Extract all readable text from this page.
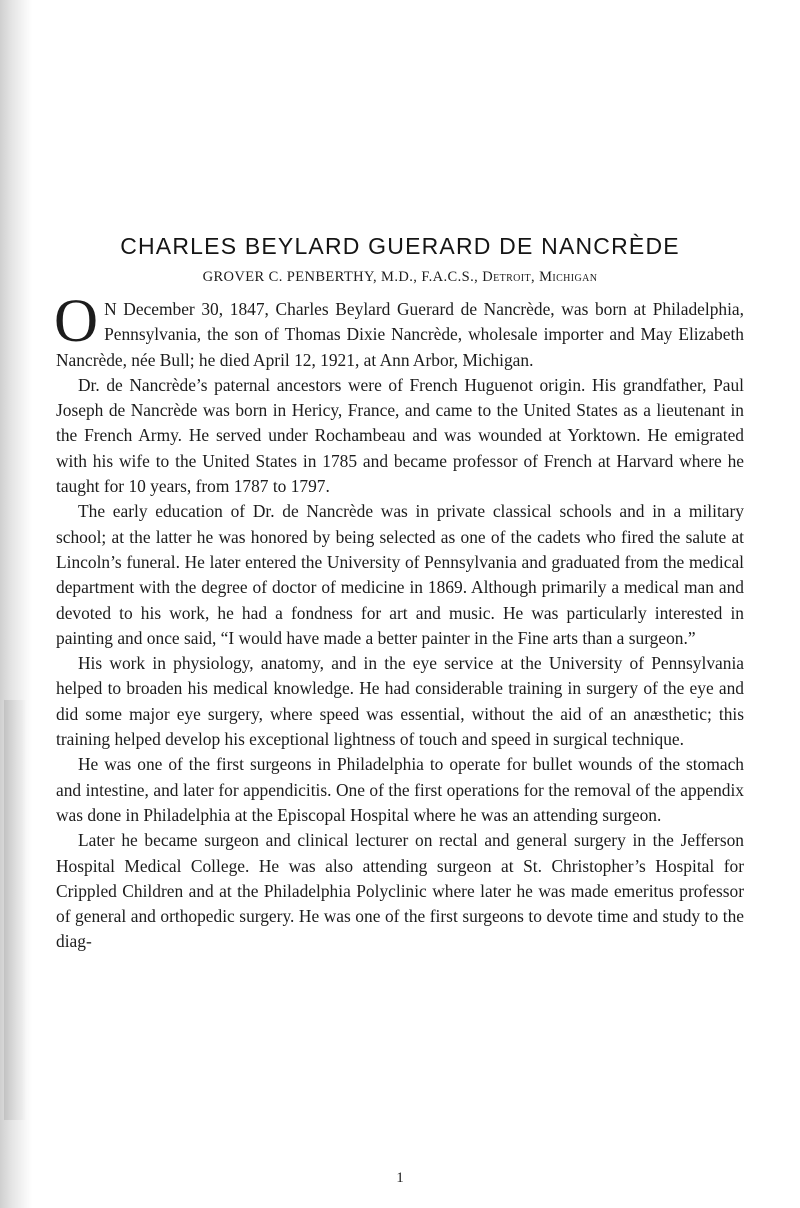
CHARLES BEYLARD GUERARD DE NANCRÈDE
GROVER C. PENBERTHY, M.D., F.A.C.S., Detroit, Michigan

O N December 30, 1847, Charles Beylard Guerard de Nancrède, was born at Philadelphia, Pennsylvania, the son of Thomas Dixie Nancrède, wholesale importer and May Elizabeth Nancrède, née Bull; he died April 12, 1921, at Ann Arbor, Michigan.

Dr. de Nancrède’s paternal ancestors were of French Huguenot origin. His grandfather, Paul Joseph de Nancrède was born in Hericy, France, and came to the United States as a lieutenant in the French Army. He served under Rochambeau and was wounded at Yorktown. He emigrated with his wife to the United States in 1785 and became professor of French at Harvard where he taught for 10 years, from 1787 to 1797.

The early education of Dr. de Nancrède was in private classical schools and in a military school; at the latter he was honored by being selected as one of the cadets who fired the salute at Lincoln’s funeral. He later entered the University of Pennsylvania and graduated from the medical department with the degree of doctor of medicine in 1869. Although primarily a medical man and devoted to his work, he had a fondness for art and music. He was particularly interested in painting and once said, “I would have made a better painter in the Fine arts than a surgeon.”

His work in physiology, anatomy, and in the eye service at the University of Pennsylvania helped to broaden his medical knowledge. He had considerable training in surgery of the eye and did some major eye surgery, where speed was essential, without the aid of an anæsthetic; this training helped develop his exceptional lightness of touch and speed in surgical technique.

He was one of the first surgeons in Philadelphia to operate for bullet wounds of the stomach and intestine, and later for appendicitis. One of the first operations for the removal of the appendix was done in Philadelphia at the Episcopal Hospital where he was an attending surgeon.

Later he became surgeon and clinical lecturer on rectal and general surgery in the Jefferson Hospital Medical College. He was also attending surgeon at St. Christopher’s Hospital for Crippled Children and at the Philadelphia Polyclinic where later he was made emeritus professor of general and orthopedic surgery. He was one of the first surgeons to devote time and study to the diag-

1
